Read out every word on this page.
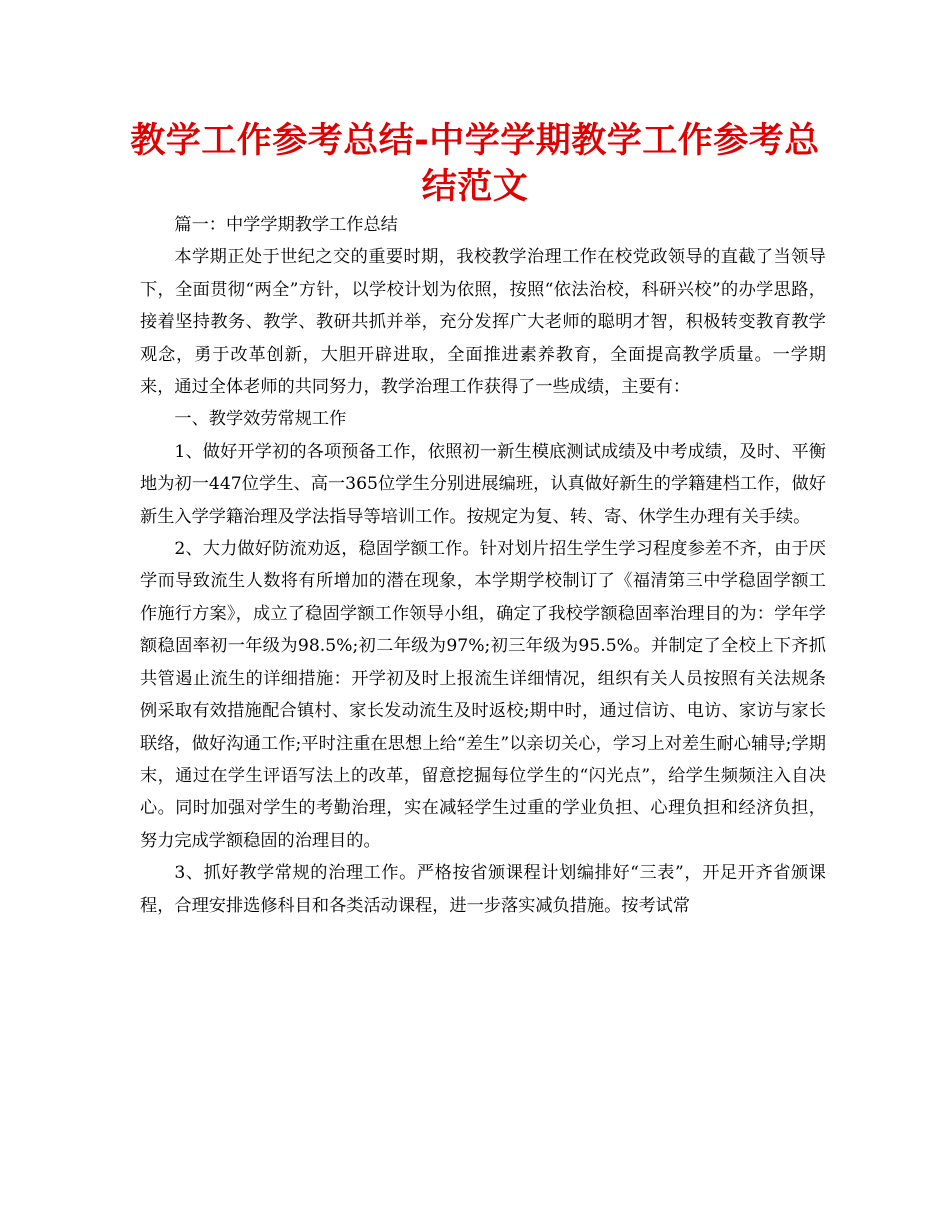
教学工作参考总结-中学学期教学工作参考总结范文

篇一：中学学期教学工作总结

本学期正处于世纪之交的重要时期，我校教学治理工作在校党政领导的直截了当领导下，全面贯彻“两全”方针，以学校计划为依照，按照“依法治校，科研兴校”的办学思路，接着坚持教务、教学、教研共抓并举，充分发挥广大老师的聪明才智，积极转变教育教学观念，勇于改革创新，大胆开辟进取，全面推进素养教育，全面提高教学质量。一学期来，通过全体老师的共同努力，教学治理工作获得了一些成绩，主要有：

一、教学效劳常规工作

1、做好开学初的各项预备工作，依照初一新生模底测试成绩及中考成绩，及时、平衡地为初一447位学生、高一365位学生分别进展编班，认真做好新生的学籍建档工作，做好新生入学学籍治理及学法指导等培训工作。按规定为复、转、寄、休学生办理有关手续。

2、大力做好防流劝返，稳固学额工作。针对划片招生学生学习程度参差不齐，由于厌学而导致流生人数将有所增加的潜在现象，本学期学校制订了《福清第三中学稳固学额工作施行方案》，成立了稳固学额工作领导小组，确定了我校学额稳固率治理目的为：学年学额稳固率初一年级为98.5%;初二年级为97%;初三年级为95.5%。并制定了全校上下齐抓共管遏止流生的详细措施：开学初及时上报流生详细情况，组织有关人员按照有关法规条例采取有效措施配合镇村、家长发动流生及时返校;期中时，通过信访、电访、家访与家长联络，做好沟通工作;平时注重在思想上给“差生”以亲切关心，学习上对差生耐心辅导;学期末，通过在学生评语写法上的改革，留意挖掘每位学生的“闪光点”，给学生频频注入自决心。同时加强对学生的考勤治理，实在减轻学生过重的学业负担、心理负担和经济负担，努力完成学额稳固的治理目的。

3、抓好教学常规的治理工作。严格按省颁课程计划编排好“三表”，开足开齐省颁课程，合理安排选修科目和各类活动课程，进一步落实减负措施。按考试常
